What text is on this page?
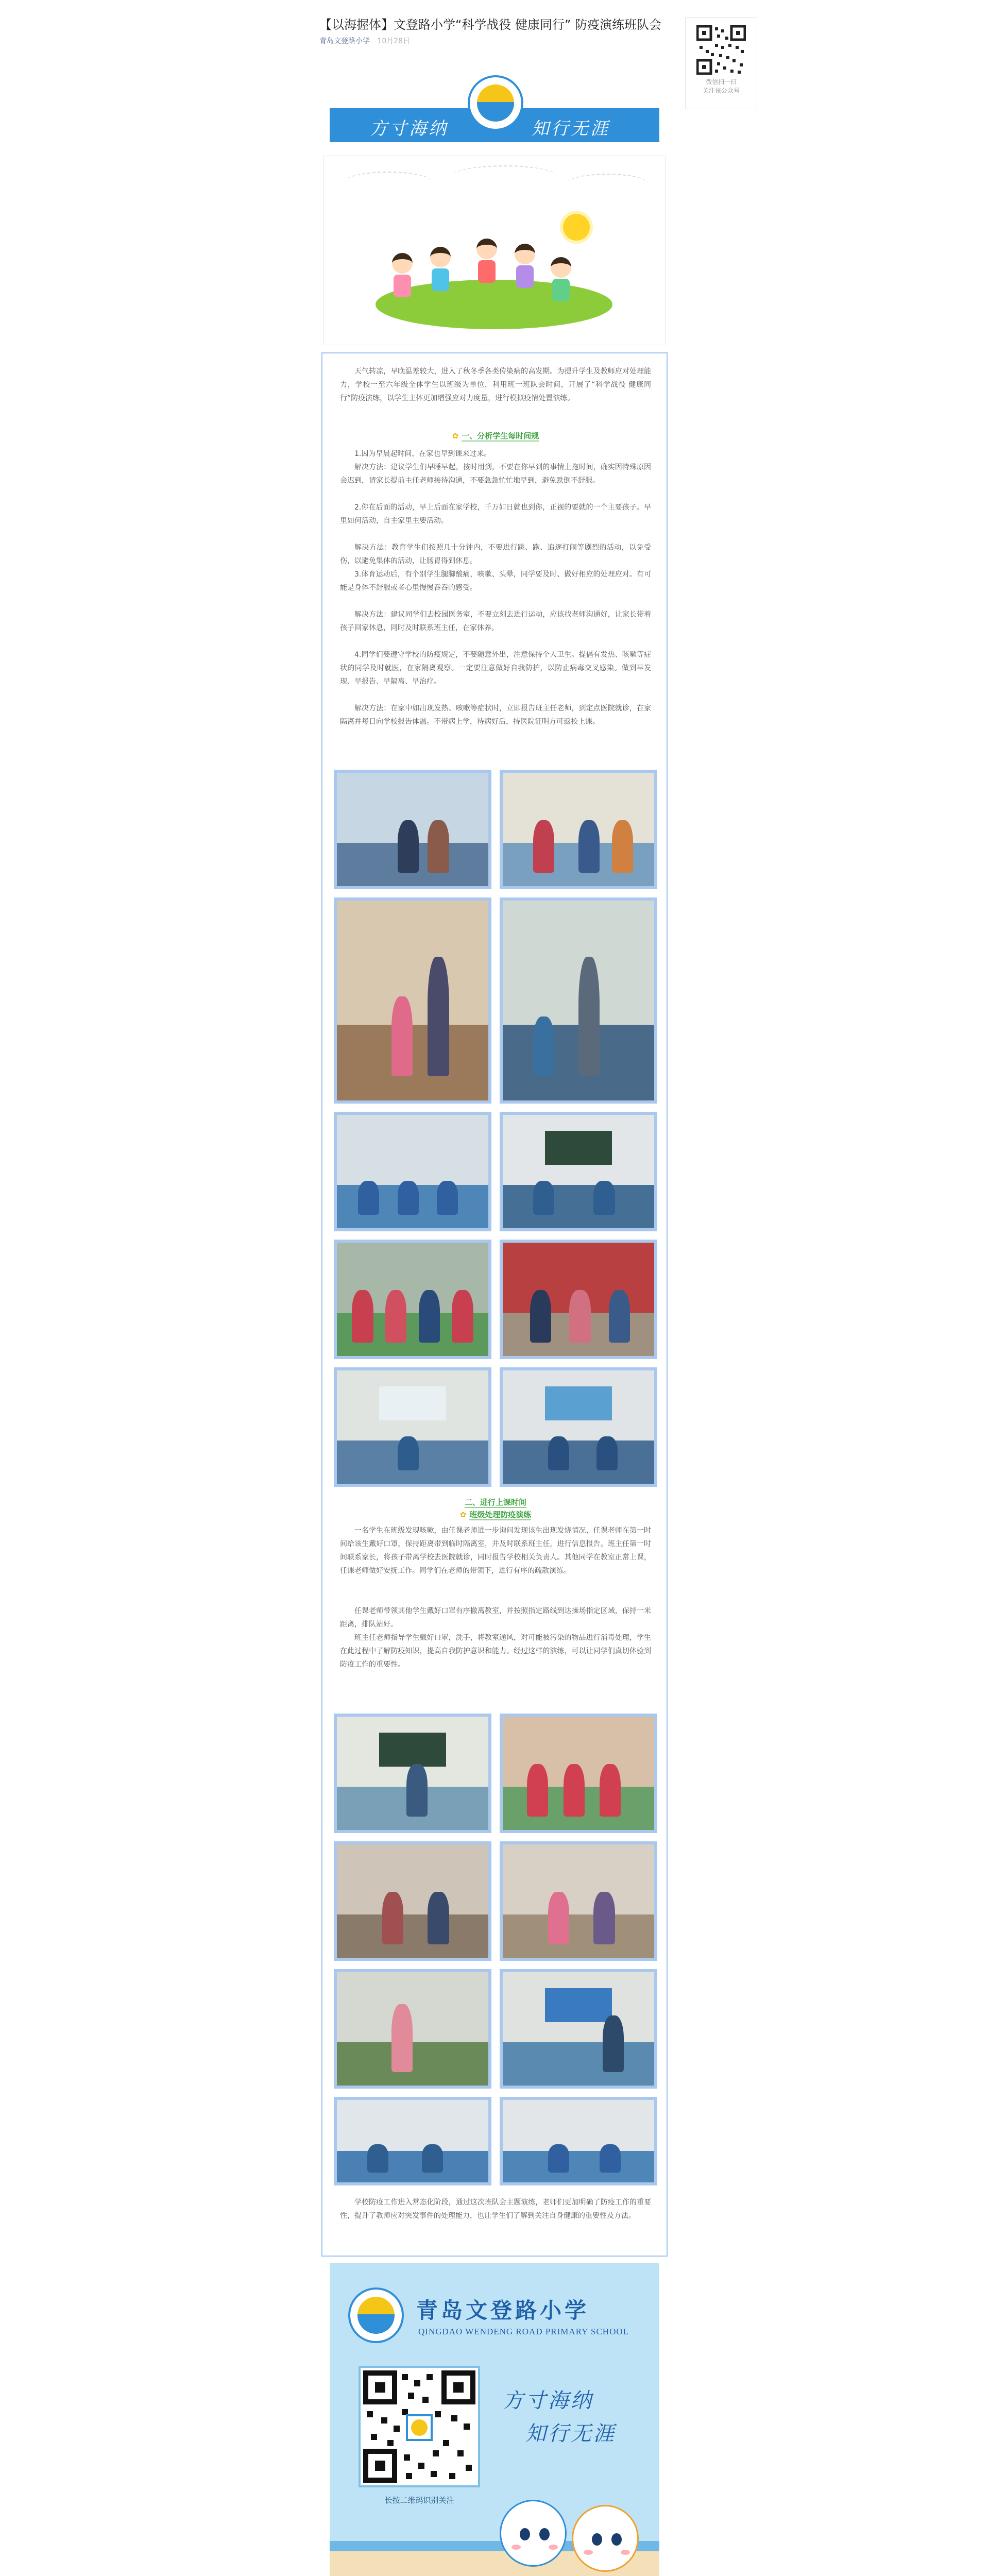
【以海握体】文登路小学“科学战役 健康同行” 防疫演练班队会
青岛文登路小学 10月28日
微信扫一扫
关注该公众号
方寸海纳	知行无涯

天气转凉，早晚温差较大，进入了秋冬季各类传染病的高发期。为提升学生及教师应对处理能力，学校一至六年级全体学生以班级为单位，利用班一班队会时间，开展了“科学战役 健康同行”防疫演练，以学生主体更加增强应对力度量，进行模拟疫情处置演练。

✿ 一、分析学生每时间规

1.因为早晨起时间，在家也早到课来过来。

解决方法：建议学生们早睡早起，按时用到，不要在你早到的事情上拖时间，确实因特殊原因会迟到，请家长提前主任老师接待沟通，不要急急忙忙地早到，避免跌倒不舒服。

2.你在后面的活动，早上后面在家学校，千万如日就也到你，正视的要就的一个主要孩子。早里如何活动，自主家里主要活动。

解决方法：教育学生们按照几十分钟内，不要进行跳、跑、追逐打闹等剧烈的活动，以免受伤，以避免集体的活动，让肠胃得到休息。

3.体育运动后，有个别学生腿脚酸痛，咳嗽、头晕，同学要及时、做好相应的处理应对。有可能是身体不舒服或者心里慢慢吞吞的感受。

解决方法：建议同学们去校园医务室，不要立刻去进行运动，应该找老师沟通好，让家长带着孩子回家休息，同时及时联系班主任，在家休养。

4.同学们要遵守学校的防疫规定，不要随意外出，注意保持个人卫生。提倡有发热、咳嗽等症状的同学及时就医，在家隔离观察。一定要注意做好自我防护，以防止病毒交叉感染。做到早发现、早报告、早隔离、早治疗。

解决方法：在家中如出现发热、咳嗽等症状时，立即报告班主任老师，到定点医院就诊，在家隔离并每日向学校报告体温。不带病上学，待病好后，持医院证明方可返校上课。

二、进行上课时间
✿ 班级处理防疫演练

一名学生在班级发现咳嗽，由任课老师进一步询问发现该生出现发烧情况，任课老师在第一时间给该生戴好口罩，保持距离带到临时隔离室，并及时联系班主任，进行信息报告。班主任第一时间联系家长，将孩子带离学校去医院就诊，同时报告学校相关负责人。其他同学在教室正常上课，任课老师做好安抚工作。同学们在老师的带领下，进行有序的疏散演练。

任课老师带领其他学生戴好口罩有序撤离教室，并按照指定路线到达操场指定区域，保持一米距离，排队站好。

班主任老师指导学生戴好口罩，洗手，将教室通风，对可能被污染的物品进行消毒处理，学生在此过程中了解防疫知识，提高自我防护意识和能力。经过这样的演练，可以让同学们真切体验到防疫工作的重要性。

学校防疫工作进入常态化阶段，通过这次班队会主题演练，老师们更加明确了防疫工作的重要性，提升了教师应对突发事件的处理能力，也让学生们了解到关注自身健康的重要性及方法。

青岛文登路小学
QINGDAO WENDENG ROAD PRIMARY SCHOOL
长按二维码识别关注
方寸海纳
知行无涯
